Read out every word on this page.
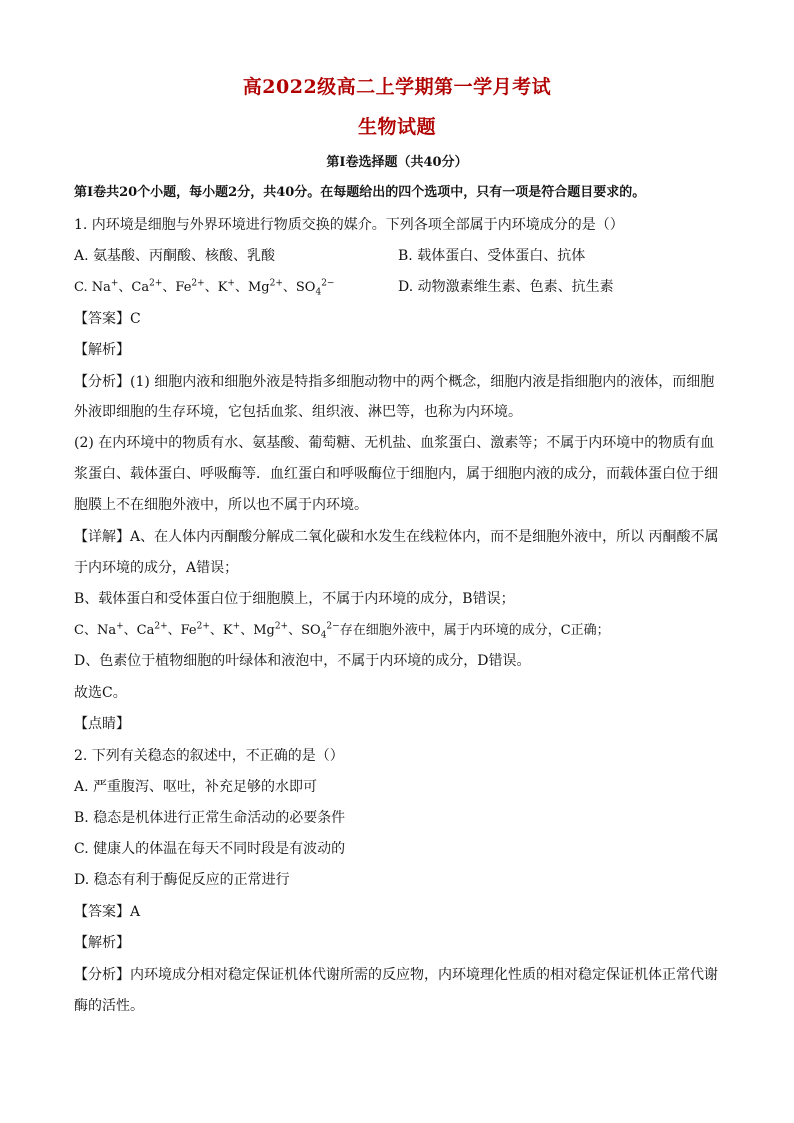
高2022级高二上学期第一学月考试
生物试题
第I卷选择题（共40分）
第I卷共20个小题，每小题2分，共40分。在每题给出的四个选项中，只有一项是符合题目要求的。
1. 内环境是细胞与外界环境进行物质交换的媒介。下列各项全部属于内环境成分的是（）
A. 氨基酸、丙酮酸、核酸、乳酸	B. 载体蛋白、受体蛋白、抗体
C. Na+、$Ca^{2+}$、$Fe^{2+}$、K+、$Mg^{2+}$、$SO_4^{2-}$	D. 动物激素维生素、色素、抗生素
【答案】C
【解析】
【分析】(1) 细胞内液和细胞外液是特指多细胞动物中的两个概念，细胞内液是指细胞内的液体，而细胞
外液即细胞的生存环境，它包括血浆、组织液、淋巴等，也称为内环境。
(2) 在内环境中的物质有水、氨基酸、葡萄糖、无机盐、血浆蛋白、激素等；不属于内环境中的物质有血
浆蛋白、载体蛋白、呼吸酶等．血红蛋白和呼吸酶位于细胞内，属于细胞内液的成分，而载体蛋白位于细
胞膜上不在细胞外液中，所以也不属于内环境。
【详解】A、在人体内丙酮酸分解成二氧化碳和水发生在线粒体内，而不是细胞外液中，所以 丙酮酸不属
于内环境的成分，A错误；
B、载体蛋白和受体蛋白位于细胞膜上，不属于内环境的成分，B错误；
C、Na+、$Ca^{2+}$、$Fe^{2+}$、K+、$Mg^{2+}$、$SO_4^{2-}$存在细胞外液中，属于内环境的成分，C正确；
D、色素位于植物细胞的叶绿体和液泡中，不属于内环境的成分，D错误。
故选C。
【点睛】
2. 下列有关稳态的叙述中，不正确的是（）
A. 严重腹泻、呕吐，补充足够的水即可
B. 稳态是机体进行正常生命活动的必要条件
C. 健康人的体温在每天不同时段是有波动的
D. 稳态有利于酶促反应的正常进行
【答案】A
【解析】
【分析】内环境成分相对稳定保证机体代谢所需的反应物，内环境理化性质的相对稳定保证机体正常代谢
酶的活性。
